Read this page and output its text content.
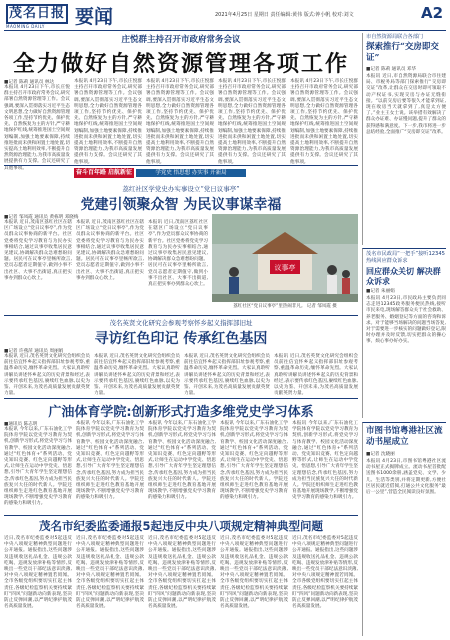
茂名日报
MAOMING DAILY 要闻	2021年4月25日 星期日 责任编辑:黄伟 版式:钟小帆 校对:刘文	A2
庄悦群主持召开市政府常务会议
全力做好自然资源管理各项工作
■记者 陈莉 通讯员 林达
本报讯 4月23日下午,市长庄悦群主持召开市政府常务会议,研究部署自然资源管理等工作。会议强调,要深入贯彻落实习近平生态文明思想,全力做好自然资源管理各项工作,坚持节约优先、保护优先、自然恢复为主的方针,严守耕地保护红线,统筹推进国土空间规划编制,加强土地要素保障,持续推进批而未供和闲置土地处置,切实提高土地利用效率,不断提升自然资源治理能力,为我市高质量发展提供有力支撑。会议还研究了其他事项。
本报讯 4月23日下午,市长庄悦群主持召开市政府常务会议,研究部署自然资源管理等工作。会议强调,要深入贯彻落实习近平生态文明思想,全力做好自然资源管理各项工作,坚持节约优先、保护优先、自然恢复为主的方针,严守耕地保护红线,统筹推进国土空间规划编制,加强土地要素保障,持续推进批而未供和闲置土地处置,切实提高土地利用效率,不断提升自然资源治理能力,为我市高质量发展提供有力支撑。会议还研究了其他事项。
本报讯 4月23日下午,市长庄悦群主持召开市政府常务会议,研究部署自然资源管理等工作。会议强调,要深入贯彻落实习近平生态文明思想,全力做好自然资源管理各项工作,坚持节约优先、保护优先、自然恢复为主的方针,严守耕地保护红线,统筹推进国土空间规划编制,加强土地要素保障,持续推进批而未供和闲置土地处置,切实提高土地利用效率,不断提升自然资源治理能力,为我市高质量发展提供有力支撑。会议还研究了其他事项。
本报讯 4月23日下午,市长庄悦群主持召开市政府常务会议,研究部署自然资源管理等工作。会议强调,要深入贯彻落实习近平生态文明思想,全力做好自然资源管理各项工作,坚持节约优先、保护优先、自然恢复为主的方针,严守耕地保护红线,统筹推进国土空间规划编制,加强土地要素保障,持续推进批而未供和闲置土地处置,切实提高土地利用效率,不断提升自然资源治理能力,为我市高质量发展提供有力支撑。会议还研究了其他事项。
本报讯 4月23日下午,市长庄悦群主持召开市政府常务会议,研究部署自然资源管理等工作。会议强调,要深入贯彻落实习近平生态文明思想,全力做好自然资源管理各项工作,坚持节约优先、保护优先、自然恢复为主的方针,严守耕地保护红线,统筹推进国土空间规划编制,加强土地要素保障,持续推进批而未供和闲置土地处置,切实提高土地利用效率,不断提升自然资源治理能力,为我市高质量发展提供有力支撑。会议还研究了其他事项。
市自然资源局联合各部门
探索推行“交房即交证”
■记者 陈莉 通讯员 邓华
本报讯 近日,市自然资源局联合市住建局、市税务局等部门探索推行“交房即交证”改革,让群众在交房时即可领取不动产权证书,实现交房与办证无缝衔接。“以前交房后要等很久才能拿到证,现在收房当天就拿到了,真是太方便了。”业主王女士说。该举措有效解决了群众办证难、办证慢问题,提升了群众的获得感和满意度。下一步,我市将进一步总结经验,全面推广“交房即交证”改革。
奋斗百年路 启航新征程
学党史 悟思想 办实事 开新局
荔红社区学党史办实事设立“党日议事亭”
党建引领聚众智 为民议事谋幸福
■记者 邹凤霞 通讯员 黄栋明 邓晓梅
本报讯 近日,茂南区荔红社区在辖区广场设立“党日议事亭”,作为党员群众议事协商的新平台。社区党委将党史学习教育与为民办实事相结合,通过议事亭收集居民意见建议,协调解决群众急难愁盼问题。居民可在议事亭里畅所欲言,党员志愿者定期值守,做到小事不出社区、大事不出街道,真正把实事办到群众心坎上。
本报讯 近日,茂南区荔红社区在辖区广场设立“党日议事亭”,作为党员群众议事协商的新平台。社区党委将党史学习教育与为民办实事相结合,通过议事亭收集居民意见建议,协调解决群众急难愁盼问题。居民可在议事亭里畅所欲言,党员志愿者定期值守,做到小事不出社区、大事不出街道,真正把实事办到群众心坎上。
本报讯 近日,茂南区荔红社区在辖区广场设立“党日议事亭”,作为党员群众议事协商的新平台。社区党委将党史学习教育与为民办实事相结合,通过议事亭收集居民意见建议,协调解决群众急难愁盼问题。居民可在议事亭里畅所欲言,党员志愿者定期值守,做到小事不出社区、大事不出街道,真正把实事办到群众心坎上。
议事亭
荔红社区“党日议事亭”里热闹非凡。 记者 邹凤霞 摄
茂名市民政局“一把手”接听12345热线回应群众诉求
回应群众关切 解决群众诉求
■记者 朱丽娟
本报讯 4月23日,市民政局主要负责同志走进12345政务服务便民热线,接听市民来电,现场解答群众关于社会救助、养老服务、婚姻登记等方面的咨询和诉求。对于能够当场解决的问题当场答复,对于需要进一步核实的问题做好登记,限时办理并及时反馈,切实把群众的操心事、烦心事办好办实。
茂名英贤文化研究会参观考察怀乡起义指挥部旧址
寻访红色印记 传承红色基因
■记者 许燕萍 通讯员 周丽娟
本报讯 近日,茂名英贤文化研究会组织会员前往信宜怀乡起义指挥部旧址参观考察,重温革命历史,缅怀革命先烈。大家认真聆听讲解员讲述怀乡起义的历史背景和经过,表示要传承红色基因,赓续红色血脉,以史为鉴、开创未来,为茂名高质量发展贡献英贤力量。
本报讯 近日,茂名英贤文化研究会组织会员前往信宜怀乡起义指挥部旧址参观考察,重温革命历史,缅怀革命先烈。大家认真聆听讲解员讲述怀乡起义的历史背景和经过,表示要传承红色基因,赓续红色血脉,以史为鉴、开创未来,为茂名高质量发展贡献英贤力量。
本报讯 近日,茂名英贤文化研究会组织会员前往信宜怀乡起义指挥部旧址参观考察,重温革命历史,缅怀革命先烈。大家认真聆听讲解员讲述怀乡起义的历史背景和经过,表示要传承红色基因,赓续红色血脉,以史为鉴、开创未来,为茂名高质量发展贡献英贤力量。
本报讯 近日,茂名英贤文化研究会组织会员前往信宜怀乡起义指挥部旧址参观考察,重温革命历史,缅怀革命先烈。大家认真聆听讲解员讲述怀乡起义的历史背景和经过,表示要传承红色基因,赓续红色血脉,以史为鉴、开创未来,为茂名高质量发展贡献英贤力量。
广油体育学院:创新形式打造多维党史学习体系
■通讯员 陈志明
本报讯 今年以来,广东石油化工学院体育学院以党史学习教育为契机,创新学习形式,将党史学习与体育教学、校园文化活动深度融合,通过“红色体育+”系列活动、党史知识竞赛、红色定向越野等形式,让师生在运动中学党史、悟思想,引导广大青年学生坚定理想信念,传承红色基因,努力成为担当民族复兴大任的时代新人。学院还组织师生走进红色教育基地开展现场教学,不断增强党史学习教育的感染力和吸引力。
本报讯 今年以来,广东石油化工学院体育学院以党史学习教育为契机,创新学习形式,将党史学习与体育教学、校园文化活动深度融合,通过“红色体育+”系列活动、党史知识竞赛、红色定向越野等形式,让师生在运动中学党史、悟思想,引导广大青年学生坚定理想信念,传承红色基因,努力成为担当民族复兴大任的时代新人。学院还组织师生走进红色教育基地开展现场教学,不断增强党史学习教育的感染力和吸引力。
本报讯 今年以来,广东石油化工学院体育学院以党史学习教育为契机,创新学习形式,将党史学习与体育教学、校园文化活动深度融合,通过“红色体育+”系列活动、党史知识竞赛、红色定向越野等形式,让师生在运动中学党史、悟思想,引导广大青年学生坚定理想信念,传承红色基因,努力成为担当民族复兴大任的时代新人。学院还组织师生走进红色教育基地开展现场教学,不断增强党史学习教育的感染力和吸引力。
本报讯 今年以来,广东石油化工学院体育学院以党史学习教育为契机,创新学习形式,将党史学习与体育教学、校园文化活动深度融合,通过“红色体育+”系列活动、党史知识竞赛、红色定向越野等形式,让师生在运动中学党史、悟思想,引导广大青年学生坚定理想信念,传承红色基因,努力成为担当民族复兴大任的时代新人。学院还组织师生走进红色教育基地开展现场教学,不断增强党史学习教育的感染力和吸引力。
本报讯 今年以来,广东石油化工学院体育学院以党史学习教育为契机,创新学习形式,将党史学习与体育教学、校园文化活动深度融合,通过“红色体育+”系列活动、党史知识竞赛、红色定向越野等形式,让师生在运动中学党史、悟思想,引导广大青年学生坚定理想信念,传承红色基因,努力成为担当民族复兴大任的时代新人。学院还组织师生走进红色教育基地开展现场教学,不断增强党史学习教育的感染力和吸引力。
市图书馆粤港社区流动书屋成立
■记者 沈晓丽
本报讯 4月23日,市图书馆粤港社区流动书屋正式揭牌成立。流动书屋首批配送图书1000余册,涵盖党史、文学、少儿、生活等类别,并将定期更新,方便社区居民就近借阅,打通公共文化服务“最后一公里”,营造全民阅读良好氛围。
茂名市纪委监委通报5起违反中央八项规定精神典型问题
近日,茂名市纪委监委对5起违反中央八项规定精神典型问题进行公开通报。通报指出,这些问题涉及违规收送礼品礼金、违规公款吃喝、违规发放津补贴等情形,反映出一些党员干部纪法意识淡薄,对中央八项规定精神置若罔闻。全市各级党组织要切实扛起主体责任,各级纪检监察机关要持续紧盯“四风”问题新动向新表现,坚决防止反弹回潮,以严明纪律护航茂名高质量发展。
近日,茂名市纪委监委对5起违反中央八项规定精神典型问题进行公开通报。通报指出,这些问题涉及违规收送礼品礼金、违规公款吃喝、违规发放津补贴等情形,反映出一些党员干部纪法意识淡薄,对中央八项规定精神置若罔闻。全市各级党组织要切实扛起主体责任,各级纪检监察机关要持续紧盯“四风”问题新动向新表现,坚决防止反弹回潮,以严明纪律护航茂名高质量发展。
近日,茂名市纪委监委对5起违反中央八项规定精神典型问题进行公开通报。通报指出,这些问题涉及违规收送礼品礼金、违规公款吃喝、违规发放津补贴等情形,反映出一些党员干部纪法意识淡薄,对中央八项规定精神置若罔闻。全市各级党组织要切实扛起主体责任,各级纪检监察机关要持续紧盯“四风”问题新动向新表现,坚决防止反弹回潮,以严明纪律护航茂名高质量发展。
近日,茂名市纪委监委对5起违反中央八项规定精神典型问题进行公开通报。通报指出,这些问题涉及违规收送礼品礼金、违规公款吃喝、违规发放津补贴等情形,反映出一些党员干部纪法意识淡薄,对中央八项规定精神置若罔闻。全市各级党组织要切实扛起主体责任,各级纪检监察机关要持续紧盯“四风”问题新动向新表现,坚决防止反弹回潮,以严明纪律护航茂名高质量发展。
近日,茂名市纪委监委对5起违反中央八项规定精神典型问题进行公开通报。通报指出,这些问题涉及违规收送礼品礼金、违规公款吃喝、违规发放津补贴等情形,反映出一些党员干部纪法意识淡薄,对中央八项规定精神置若罔闻。全市各级党组织要切实扛起主体责任,各级纪检监察机关要持续紧盯“四风”问题新动向新表现,坚决防止反弹回潮,以严明纪律护航茂名高质量发展。
